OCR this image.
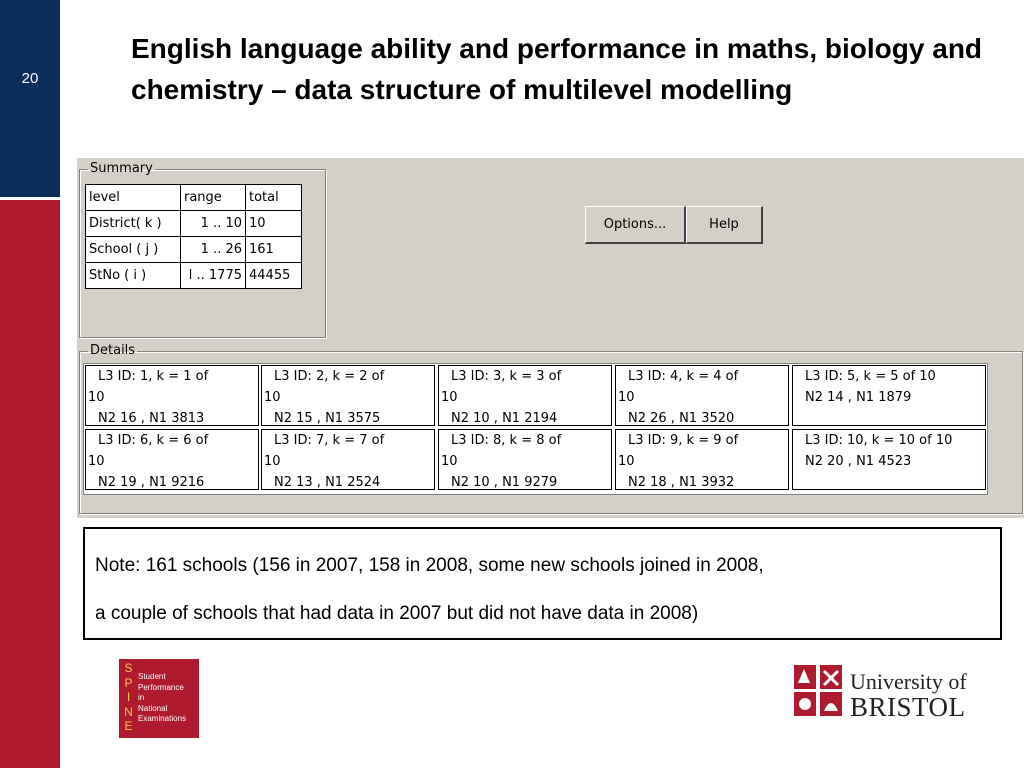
20
English language ability and performance in maths, biology and chemistry – data structure of multilevel modelling
Summary
level	range	total
District( k )	1 .. 10	10
School ( j )	1 .. 26	161
StNo ( i )	l .. 1775	44455
Options...	Help
Details
L3 ID: 1, k = 1 of
10
N2 16 , N1 3813
L3 ID: 2, k = 2 of
10
N2 15 , N1 3575
L3 ID: 3, k = 3 of
10
N2 10 , N1 2194
L3 ID: 4, k = 4 of
10
N2 26 , N1 3520
L3 ID: 5, k = 5 of 10
N2 14 , N1 1879
L3 ID: 6, k = 6 of
10
N2 19 , N1 9216
L3 ID: 7, k = 7 of
10
N2 13 , N1 2524
L3 ID: 8, k = 8 of
10
N2 10 , N1 9279
L3 ID: 9, k = 9 of
10
N2 18 , N1 3932
L3 ID: 10, k = 10 of 10
N2 20 , N1 4523

Note: 161 schools (156 in 2007, 158 in 2008, some new schools joined in 2008,

a couple of schools that had data in 2007 but did not have data in 2008)

S
P
I
N
E
Student
Performance
in
National
Examinations
University of
BRISTOL
